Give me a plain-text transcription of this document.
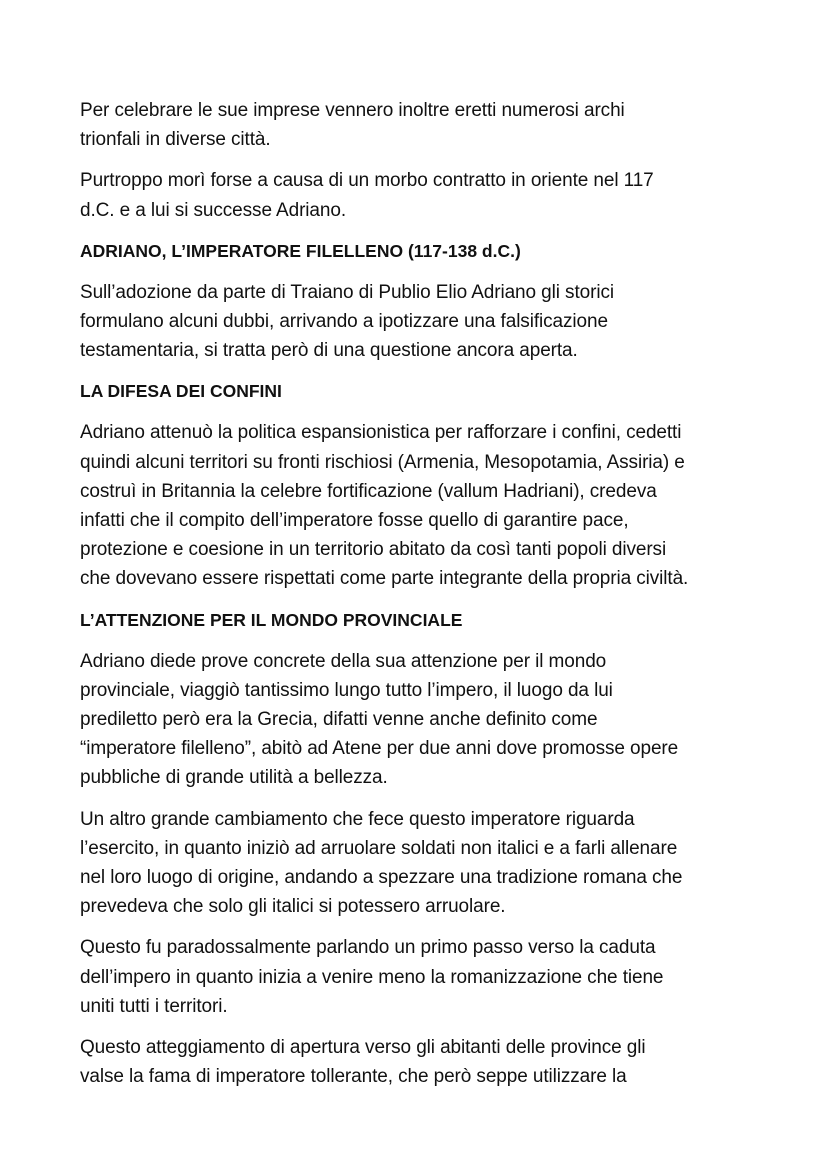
Per celebrare le sue imprese vennero inoltre eretti numerosi archi
trionfali in diverse città.

Purtroppo morì forse a causa di un morbo contratto in oriente nel 117
d.C. e a lui si successe Adriano.

ADRIANO, L’IMPERATORE FILELLENO (117-138 d.C.)

Sull’adozione da parte di Traiano di Publio Elio Adriano gli storici
formulano alcuni dubbi, arrivando a ipotizzare una falsificazione
testamentaria, si tratta però di una questione ancora aperta.

LA DIFESA DEI CONFINI

Adriano attenuò la politica espansionistica per rafforzare i confini, cedetti
quindi alcuni territori su fronti rischiosi (Armenia, Mesopotamia, Assiria) e
costruì in Britannia la celebre fortificazione (vallum Hadriani), credeva
infatti che il compito dell’imperatore fosse quello di garantire pace,
protezione e coesione in un territorio abitato da così tanti popoli diversi
che dovevano essere rispettati come parte integrante della propria civiltà.

L’ATTENZIONE PER IL MONDO PROVINCIALE

Adriano diede prove concrete della sua attenzione per il mondo
provinciale, viaggiò tantissimo lungo tutto l’impero, il luogo da lui
prediletto però era la Grecia, difatti venne anche definito come
“imperatore filelleno”, abitò ad Atene per due anni dove promosse opere
pubbliche di grande utilità a bellezza.

Un altro grande cambiamento che fece questo imperatore riguarda
l’esercito, in quanto iniziò ad arruolare soldati non italici e a farli allenare
nel loro luogo di origine, andando a spezzare una tradizione romana che
prevedeva che solo gli italici si potessero arruolare.

Questo fu paradossalmente parlando un primo passo verso la caduta
dell’impero in quanto inizia a venire meno la romanizzazione che tiene
uniti tutti i territori.

Questo atteggiamento di apertura verso gli abitanti delle province gli
valse la fama di imperatore tollerante, che però seppe utilizzare la
